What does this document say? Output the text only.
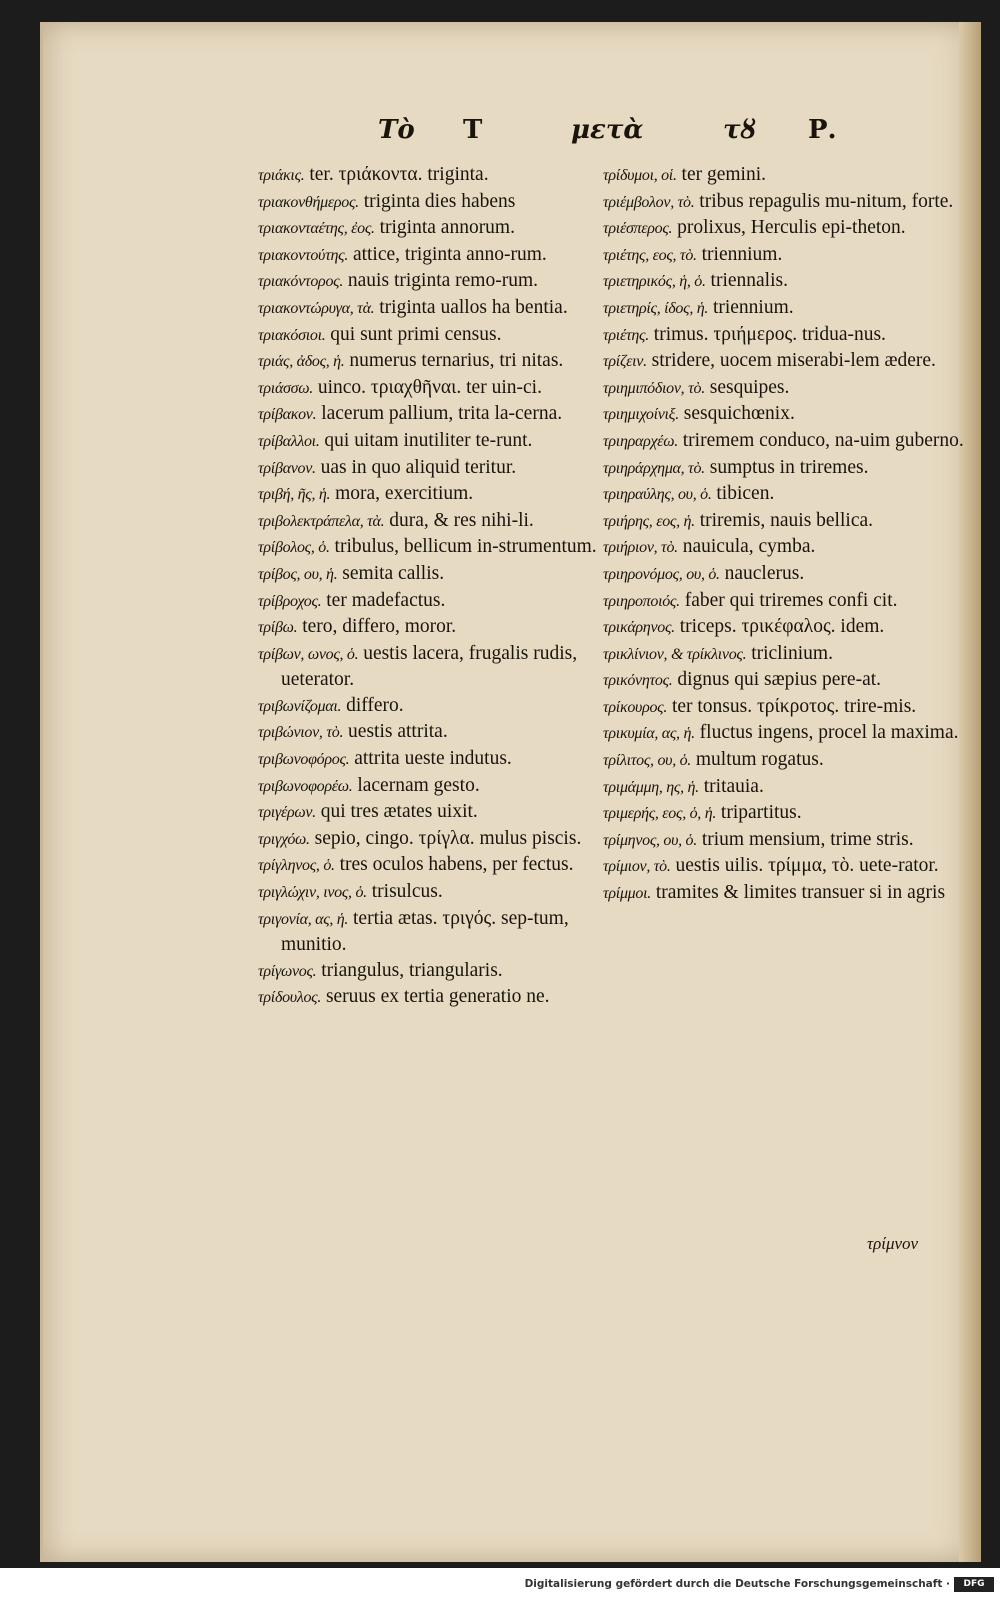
Τὸ Τ	μετὰ	τȣ Ρ.

τριάκις. ter. τριάκοντα. triginta.

τριακονθήμερος. triginta dies habens

τριακονταέτης, ἐος. triginta annorum.

τριακοντούτης. attice, triginta anno-rum.

τριακόντορος. nauis triginta remo-rum.

τριακοντώρυγα, τὰ. triginta uallos ha bentia.

τριακόσιοι. qui sunt primi census.

τριάς, ἀδος, ἡ. numerus ternarius, tri nitas.

τριάσσω. uinco. τριαχθῆναι. ter uin-ci.

τρίβακον. lacerum pallium, trita la-cerna.

τρίβαλλοι. qui uitam inutiliter te-runt.

τρίβανον. uas in quo aliquid teritur.

τριβή, ῆς, ἡ. mora, exercitium.

τριβολεκτράπελα, τὰ. dura, & res nihi-li.

τρίβολος, ὁ. tribulus, bellicum in-strumentum.

τρίβος, ου, ἡ. semita callis.

τρίβροχος. ter madefactus.

τρίβω. tero, differo, moror.

τρίβων, ωνος, ὁ. uestis lacera, frugalis rudis, ueterator.

τριβωνίζομαι. differo.

τριβώνιον, τὸ. uestis attrita.

τριβωνοφόρος. attrita ueste indutus.

τριβωνοφορέω. lacernam gesto.

τριγέρων. qui tres ætates uixit.

τριγχόω. sepio, cingo. τρίγλα. mulus piscis.

τρίγληνος, ὁ. tres oculos habens, per fectus.

τριγλώχιν, ινος, ὁ. trisulcus.

τριγονία, ας, ἡ. tertia ætas. τριγός. sep-tum, munitio.

τρίγωνος. triangulus, triangularis.

τρίδουλος. seruus ex tertia generatio ne.

τρίδυμοι, οἱ. ter gemini.

τριέμβολον, τὸ. tribus repagulis mu-nitum, forte.

τριέσπερος. prolixus, Herculis epi-theton.

τριέτης, εος, τὸ. triennium.

τριετηρικός, ἡ, ὁ. triennalis.

τριετηρίς, ίδος, ἡ. triennium.

τριέτης. trimus. τριήμερος. tridua-nus.

τρίζειν. stridere, uocem miserabi-lem ædere.

τριημιπόδιον, τὸ. sesquipes.

τριημιχοίνιξ. sesquichœnix.

τριηραρχέω. triremem conduco, na-uim guberno.

τριηράρχημα, τὸ. sumptus in triremes.

τριηραύλης, ου, ὁ. tibicen.

τριήρης, εος, ἡ. triremis, nauis bellica.

τριήριον, τὸ. nauicula, cymba.

τριηρονόμος, ου, ὁ. nauclerus.

τριηροποιός. faber qui triremes confi cit.

τρικάρηνος. triceps. τρικέφαλος. idem.

τρικλίνιον, & τρίκλινος. triclinium.

τρικόνητος. dignus qui sæpius pere-at.

τρίκουρος. ter tonsus. τρίκροτος. trire-mis.

τρικυμία, ας, ἡ. fluctus ingens, procel la maxima.

τρίλιτος, ου, ὁ. multum rogatus.

τριμάμμη, ης, ἡ. tritauia.

τριμερής, εος, ὁ, ἡ. tripartitus.

τρίμηνος, ου, ὁ. trium mensium, trime stris.

τρίμιον, τὸ. uestis uilis. τρίμμα, τὸ. uete-rator.

τρίμμοι. tramites & limites transuer si in agris

τρίμνον
Digitalisierung gefördert durch die Deutsche Forschungsgemeinschaft ·	DFG
